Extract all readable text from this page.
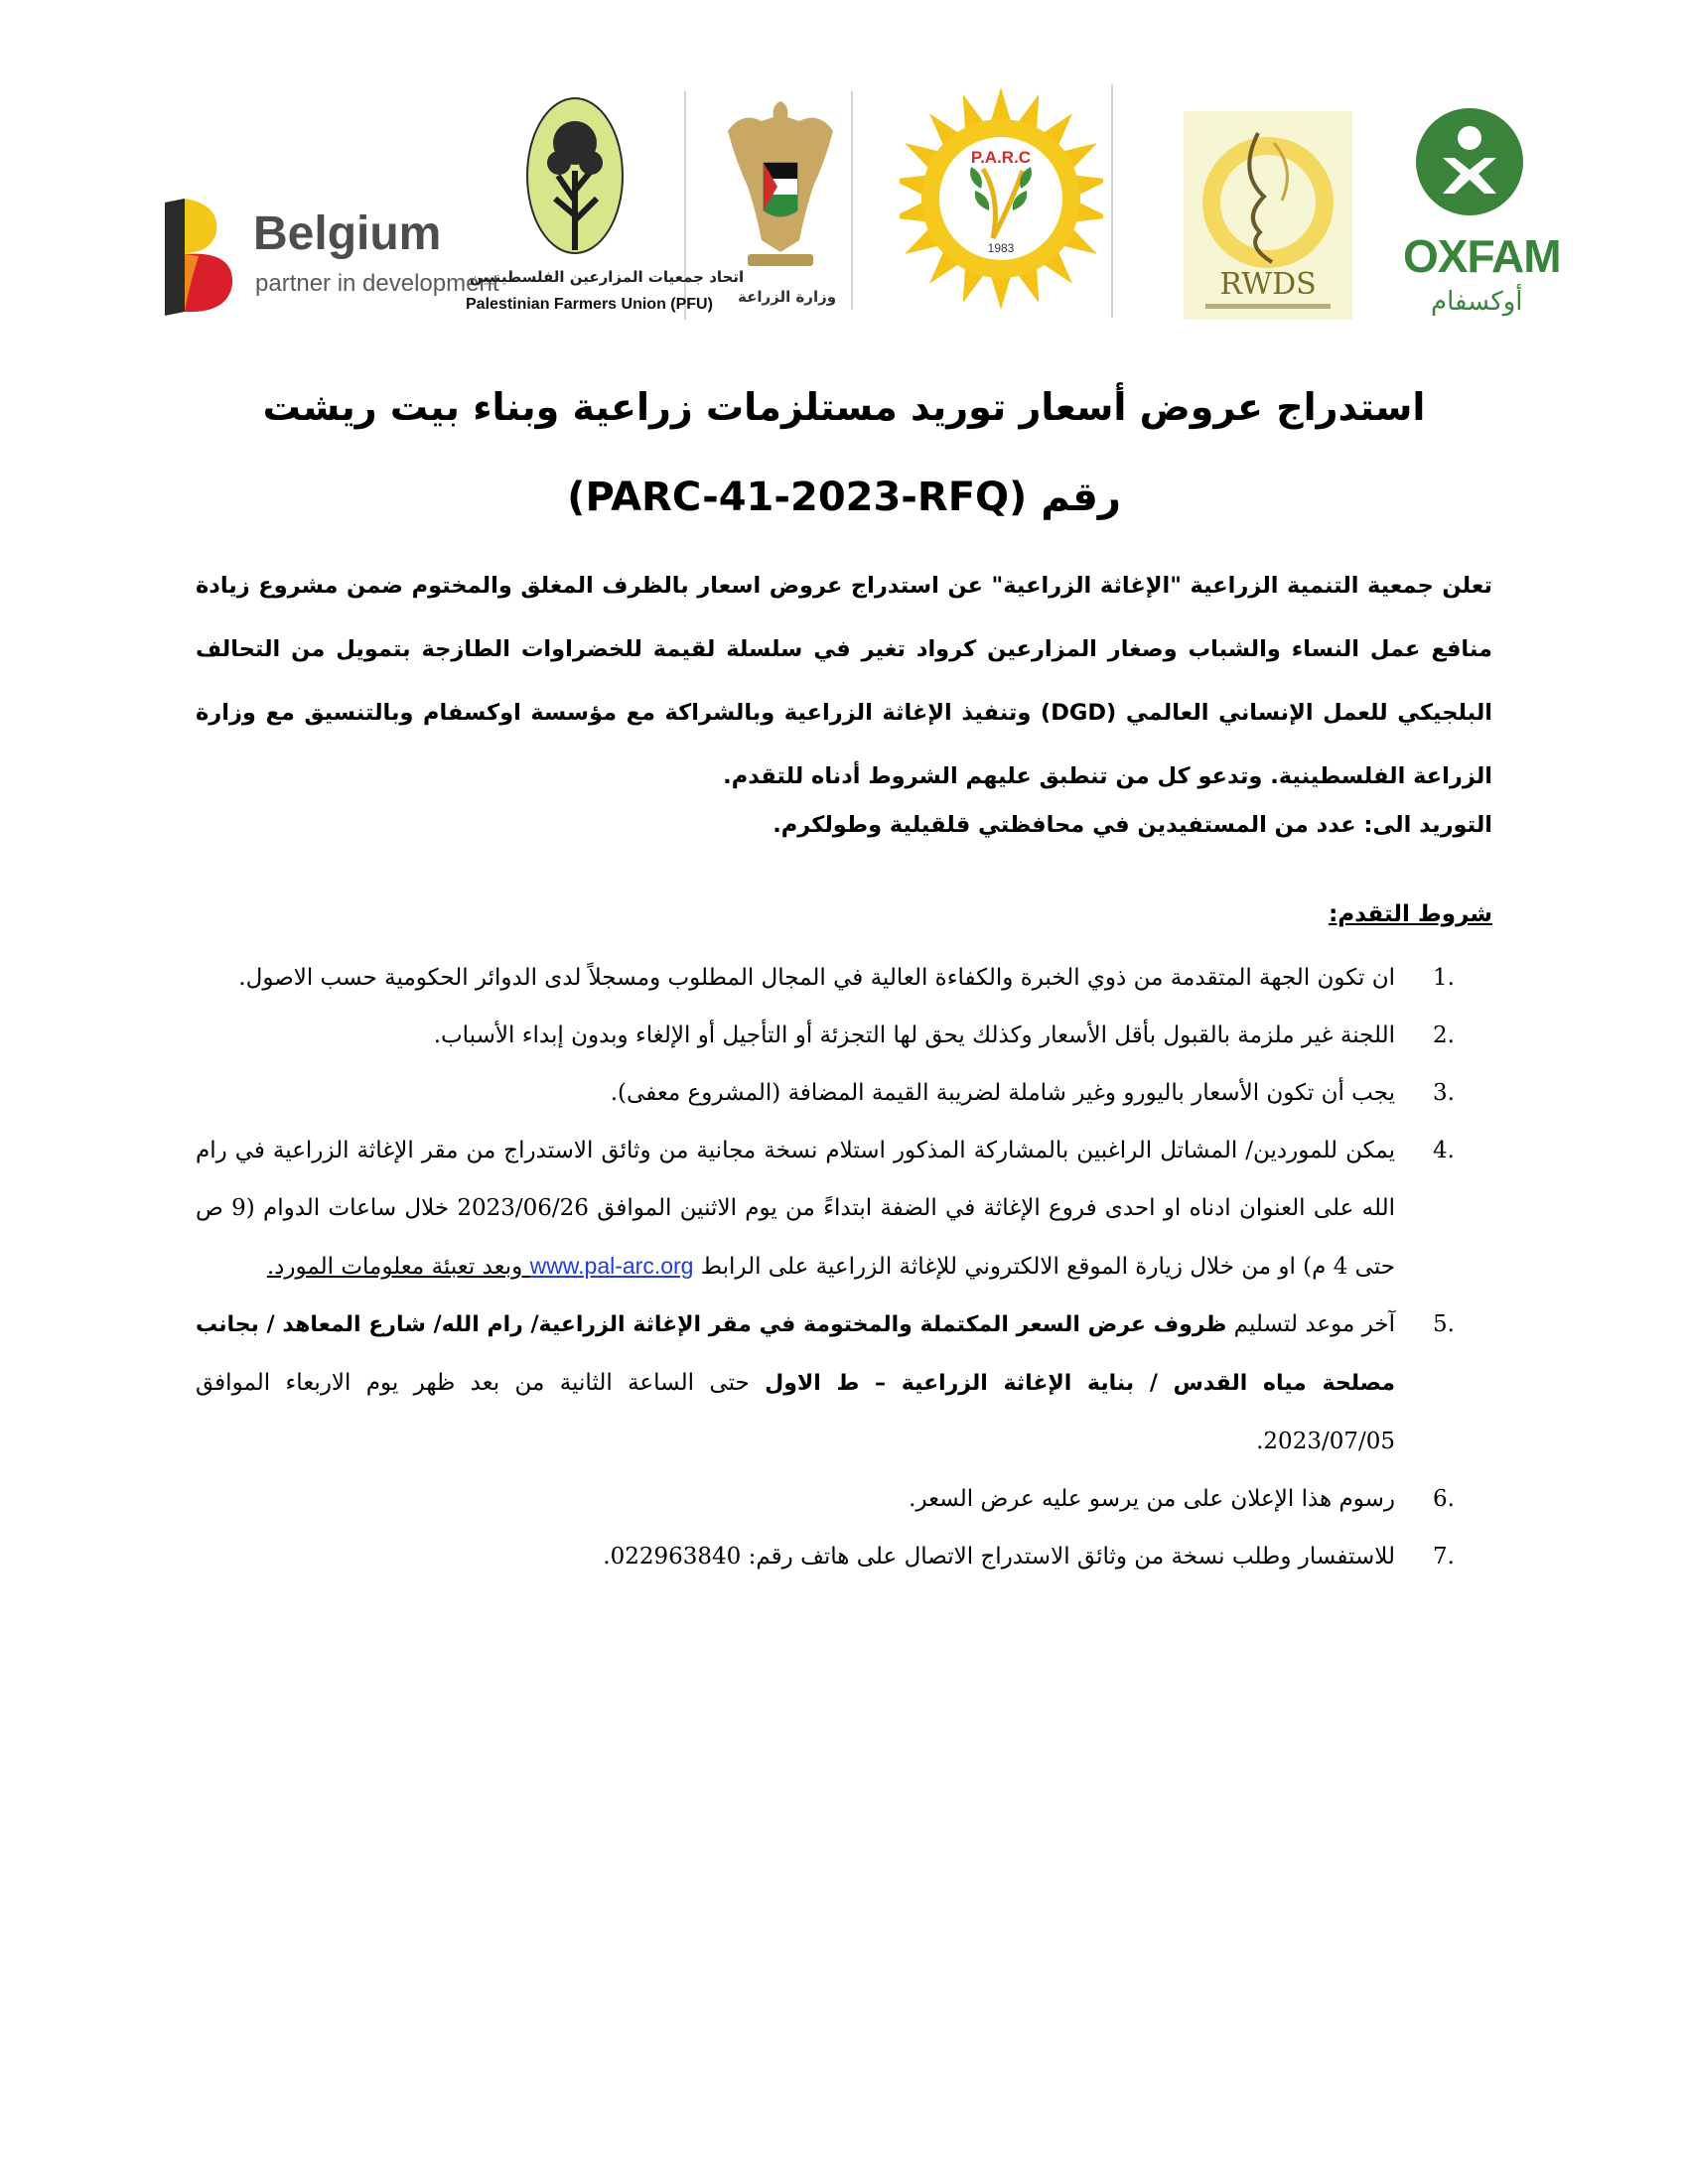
Belgium
partner in development
اتحاد جمعيات المزارعين الفلسطينيين
Palestinian Farmers Union (PFU) وزارة الزراعة
P.A.R.C
1983
RWDS
OXFAM
أوكسفام
استدراج عروض أسعار توريد مستلزمات زراعية وبناء بيت ريشت
رقم (PARC-41-2023-RFQ)
تعلن جمعية التنمية الزراعية "الإغاثة الزراعية" عن استدراج عروض اسعار بالظرف المغلق والمختوم ضمن مشروع زيادة منافع عمل النساء والشباب وصغار المزارعين كرواد تغير في سلسلة لقيمة للخضراوات الطازجة بتمويل من التحالف البلجيكي للعمل الإنساني العالمي (DGD) وتنفيذ الإغاثة الزراعية وبالشراكة مع مؤسسة اوكسفام وبالتنسيق مع وزارة الزراعة الفلسطينية. وتدعو كل من تنطبق عليهم الشروط أدناه للتقدم.
التوريد الى: عدد من المستفيدين في محافظتي قلقيلية وطولكرم.
شروط التقدم:
1.
ان تكون الجهة المتقدمة من ذوي الخبرة والكفاءة العالية في المجال المطلوب ومسجلاً لدى الدوائر الحكومية حسب الاصول.
2.
اللجنة غير ملزمة بالقبول بأقل الأسعار وكذلك يحق لها التجزئة أو التأجيل أو الإلغاء وبدون إبداء الأسباب.
3.
يجب أن تكون الأسعار باليورو وغير شاملة لضريبة القيمة المضافة (المشروع معفى).
4.
يمكن للموردين/ المشاتل الراغبين بالمشاركة المذكور استلام نسخة مجانية من وثائق الاستدراج من مقر الإغاثة الزراعية في رام الله على العنوان ادناه او احدى فروع الإغاثة في الضفة ابتداءً من يوم الاثنين الموافق 2023/06/26 خلال ساعات الدوام (9 ص حتى 4 م) او من خلال زيارة الموقع الالكتروني للإغاثة الزراعية على الرابط www.pal-arc.org وبعد تعبئة معلومات المورد.
5.
آخر موعد لتسليم ظروف عرض السعر المكتملة والمختومة في مقر الإغاثة الزراعية/ رام الله/ شارع المعاهد / بجانب مصلحة مياه القدس / بناية الإغاثة الزراعية – ط الاول حتى الساعة الثانية من بعد ظهر يوم الاربعاء الموافق 2023/07/05.
6.
رسوم هذا الإعلان على من يرسو عليه عرض السعر.
7.
للاستفسار وطلب نسخة من وثائق الاستدراج الاتصال على هاتف رقم: 022963840.
